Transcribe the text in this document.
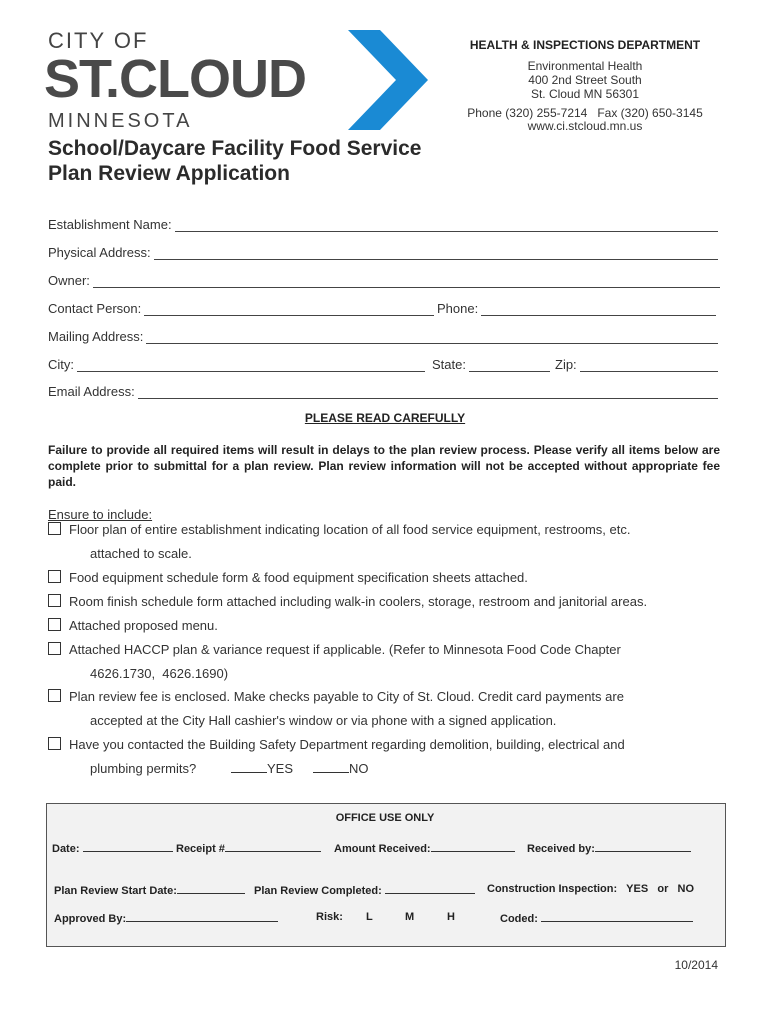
CITY OF
ST.CLOUD
MINNESOTA
HEALTH & INSPECTIONS DEPARTMENT
Environmental Health
400 2nd Street South
St. Cloud MN 56301
Phone (320) 255-7214   Fax (320) 650-3145
www.ci.stcloud.mn.us
School/Daycare Facility Food Service
Plan Review Application
Establishment Name:
Physical Address:
Owner:
Contact Person:	Phone:
Mailing Address:
City:	State:	Zip:
Email Address:
PLEASE READ CAREFULLY
Failure to provide all required items will result in delays to the plan review process. Please verify all items below are complete prior to submittal for a plan review. Plan review information will not be accepted without appropriate fee paid.
Ensure to include:
Floor plan of entire establishment indicating location of all food service equipment, restrooms, etc.
attached to scale.
Food equipment schedule form & food equipment specification sheets attached.
Room finish schedule form attached including walk-in coolers, storage, restroom and janitorial areas.
Attached proposed menu.
Attached HACCP plan & variance request if applicable. (Refer to Minnesota Food Code Chapter
4626.1730,  4626.1690)
Plan review fee is enclosed. Make checks payable to City of St. Cloud. Credit card payments are
accepted at the City Hall cashier's window or via phone with a signed application.
Have you contacted the Building Safety Department regarding demolition, building, electrical and
plumbing permits?	YES	NO
OFFICE USE ONLY
Date:	Receipt #	Amount Received:	Received by:
Plan Review Start Date:	Plan Review Completed:	Construction Inspection: YES or NO
Approved By:	Risk: L	M	H	Coded:
10/2014
